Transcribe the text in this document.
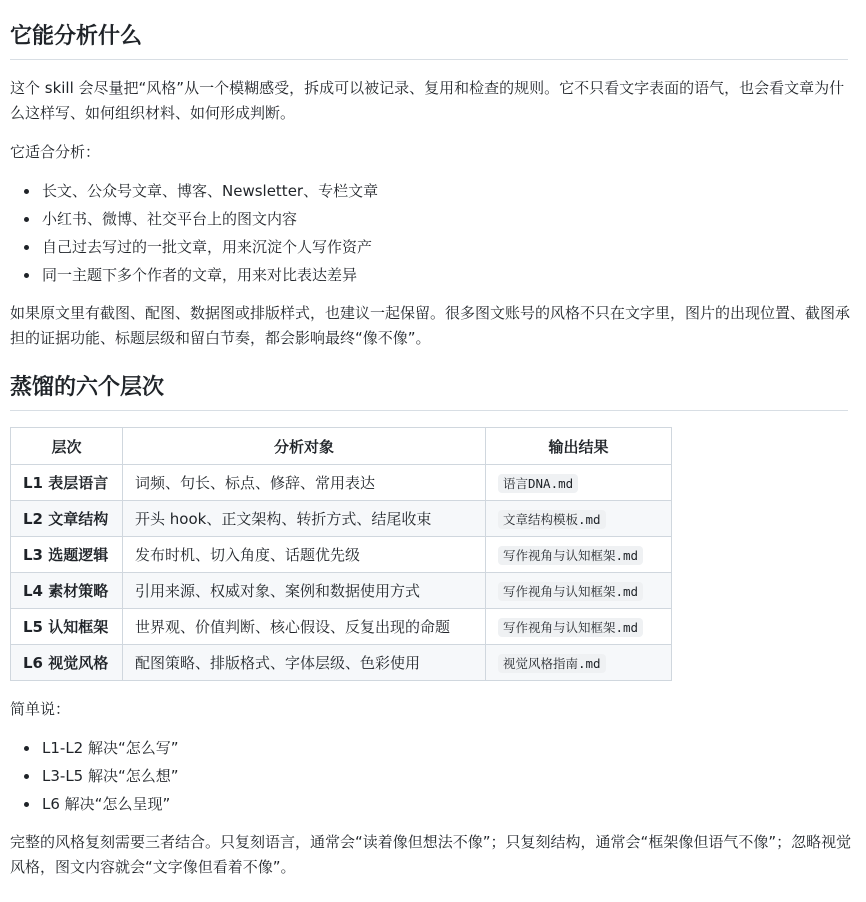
它能分析什么

这个 skill 会尽量把“风格”从一个模糊感受，拆成可以被记录、复用和检查的规则。它不只看文字表面的语气，也会看文章为什么这样写、如何组织材料、如何形成判断。

它适合分析：

• 长文、公众号文章、博客、Newsletter、专栏文章
• 小红书、微博、社交平台上的图文内容
• 自己过去写过的一批文章，用来沉淀个人写作资产
• 同一主题下多个作者的文章，用来对比表达差异

如果原文里有截图、配图、数据图或排版样式，也建议一起保留。很多图文账号的风格不只在文字里，图片的出现位置、截图承担的证据功能、标题层级和留白节奏，都会影响最终“像不像”。

蒸馏的六个层次
层次	分析对象	输出结果
L1 表层语言	词频、句长、标点、修辞、常用表达	语言DNA.md
L2 文章结构	开头 hook、正文架构、转折方式、结尾收束	文章结构模板.md
L3 选题逻辑	发布时机、切入角度、话题优先级	写作视角与认知框架.md
L4 素材策略	引用来源、权威对象、案例和数据使用方式	写作视角与认知框架.md
L5 认知框架	世界观、价值判断、核心假设、反复出现的命题	写作视角与认知框架.md
L6 视觉风格	配图策略、排版格式、字体层级、色彩使用	视觉风格指南.md

简单说：

• L1-L2 解决“怎么写”
• L3-L5 解决“怎么想”
• L6 解决“怎么呈现”

完整的风格复刻需要三者结合。只复刻语言，通常会“读着像但想法不像”；只复刻结构，通常会“框架像但语气不像”；忽略视觉风格，图文内容就会“文字像但看着不像”。
